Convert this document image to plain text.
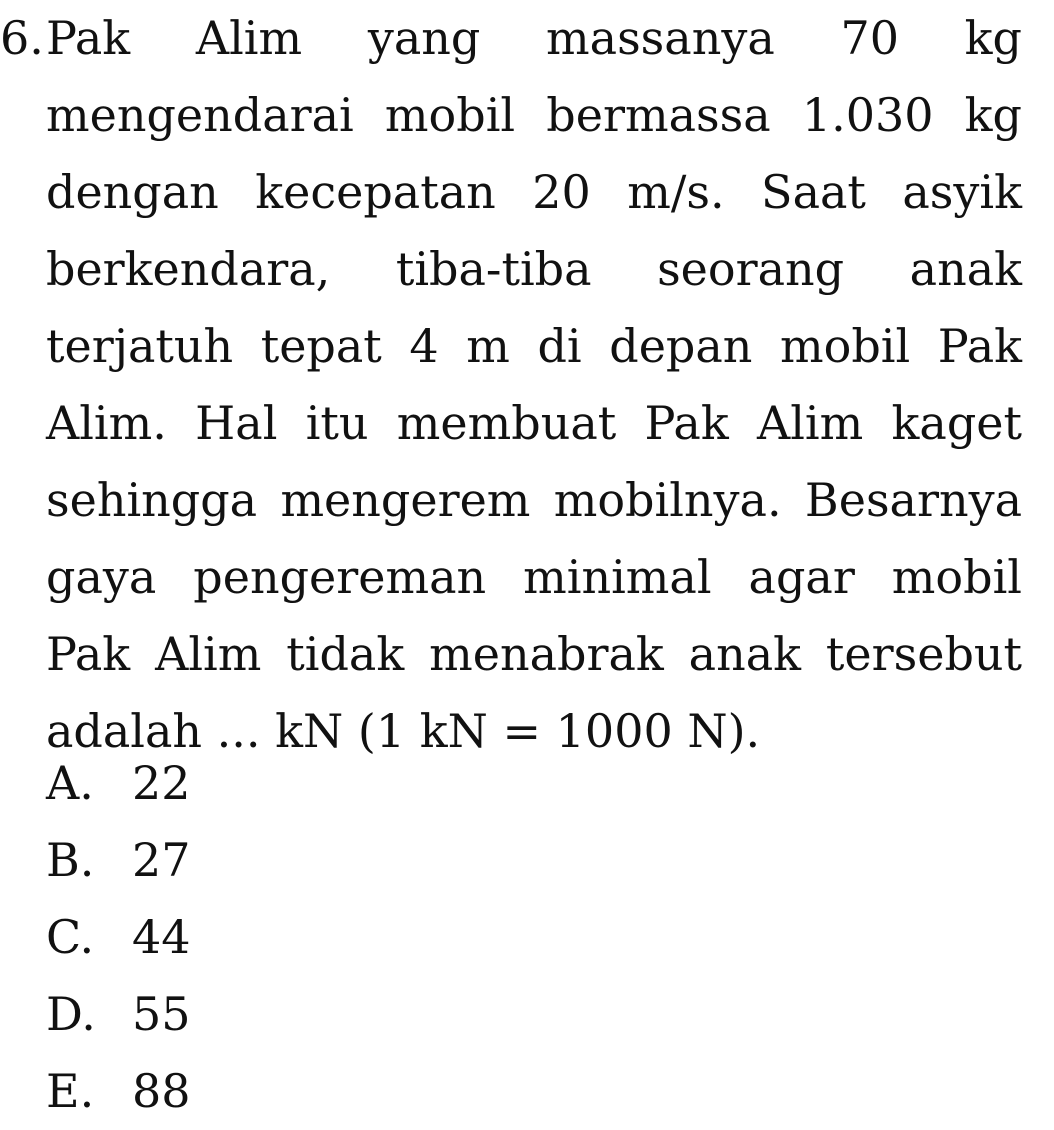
6. Pak Alim yang massanya 70 kg
mengendarai mobil bermassa 1.030 kg
dengan kecepatan 20 m/s. Saat asyik
berkendara, tiba-tiba seorang anak
terjatuh tepat 4 m di depan mobil Pak
Alim. Hal itu membuat Pak Alim kaget
sehingga mengerem mobilnya. Besarnya
gaya pengereman minimal agar mobil
Pak Alim tidak menabrak anak tersebut
adalah ... kN (1 kN = 1000 N).
A. 22
B. 27
C. 44
D. 55
E. 88
